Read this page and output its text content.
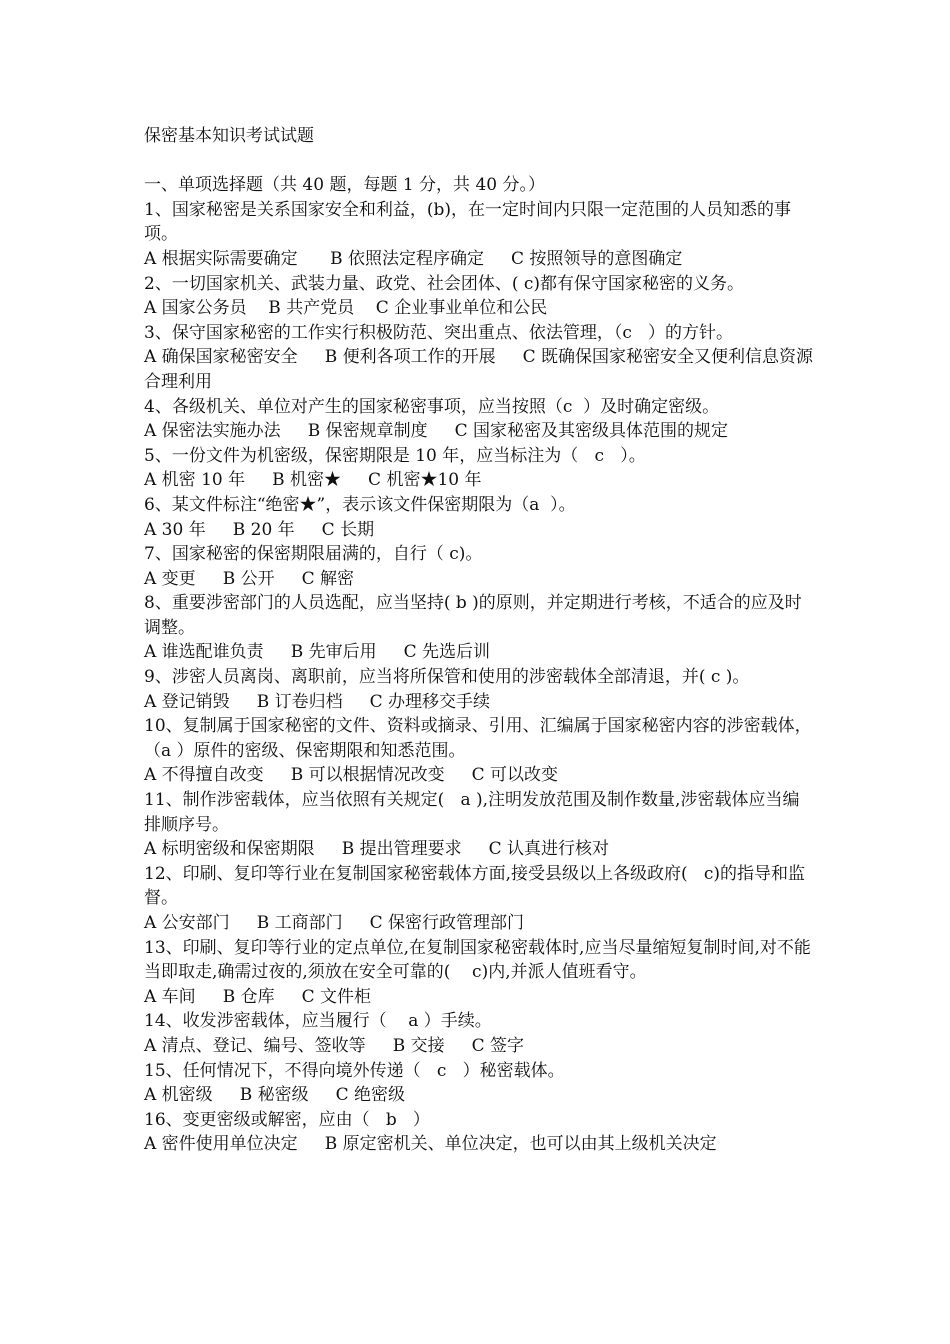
保密基本知识考试试题
一、单项选择题（共 40 题，每题 1 分，共 40 分。）
1、国家秘密是关系国家安全和利益，(b)，在一定时间内只限一定范围的人员知悉的事项。
A 根据实际需要确定      B 依照法定程序确定     C 按照领导的意图确定
2、一切国家机关、武装力量、政党、社会团体、( c)都有保守国家秘密的义务。
A 国家公务员    B 共产党员    C 企业事业单位和公民
3、保守国家秘密的工作实行积极防范、突出重点、依法管理，（c   ）的方针。
A 确保国家秘密安全     B 便利各项工作的开展     C 既确保国家秘密安全又便利信息资源合理利用
4、各级机关、单位对产生的国家秘密事项，应当按照（c  ）及时确定密级。
A 保密法实施办法     B 保密规章制度     C 国家秘密及其密级具体范围的规定
5、一份文件为机密级，保密期限是 10 年，应当标注为（   c   ）。
A 机密 10 年     B 机密★     C 机密★10 年
6、某文件标注“绝密★”，表示该文件保密期限为（a  ）。
A 30 年     B 20 年     C 长期
7、国家秘密的保密期限届满的，自行（ c)。
A 变更     B 公开     C 解密
8、重要涉密部门的人员选配，应当坚持( b )的原则，并定期进行考核，不适合的应及时调整。
A 谁选配谁负责     B 先审后用     C 先选后训
9、涉密人员离岗、离职前，应当将所保管和使用的涉密载体全部清退，并( c )。
A 登记销毁     B 订卷归档     C 办理移交手续
10、复制属于国家秘密的文件、资料或摘录、引用、汇编属于国家秘密内容的涉密载体，（a ）原件的密级、保密期限和知悉范围。
A 不得擅自改变     B 可以根据情况改变     C 可以改变
11、制作涉密载体，应当依照有关规定(   a ),注明发放范围及制作数量,涉密载体应当编排顺序号。
A 标明密级和保密期限     B 提出管理要求     C 认真进行核对
12、印刷、复印等行业在复制国家秘密载体方面,接受县级以上各级政府(   c)的指导和监督。
A 公安部门     B 工商部门     C 保密行政管理部门
13、印刷、复印等行业的定点单位,在复制国家秘密载体时,应当尽量缩短复制时间,对不能当即取走,确需过夜的,须放在安全可靠的(    c)内,并派人值班看守。
A 车间     B 仓库     C 文件柜
14、收发涉密载体，应当履行（    a ）手续。
A 清点、登记、编号、签收等     B 交接     C 签字
15、任何情况下，不得向境外传递（   c   ）秘密载体。
A 机密级     B 秘密级     C 绝密级
16、变更密级或解密，应由（   b   ）
A 密件使用单位决定     B 原定密机关、单位决定，也可以由其上级机关决定
